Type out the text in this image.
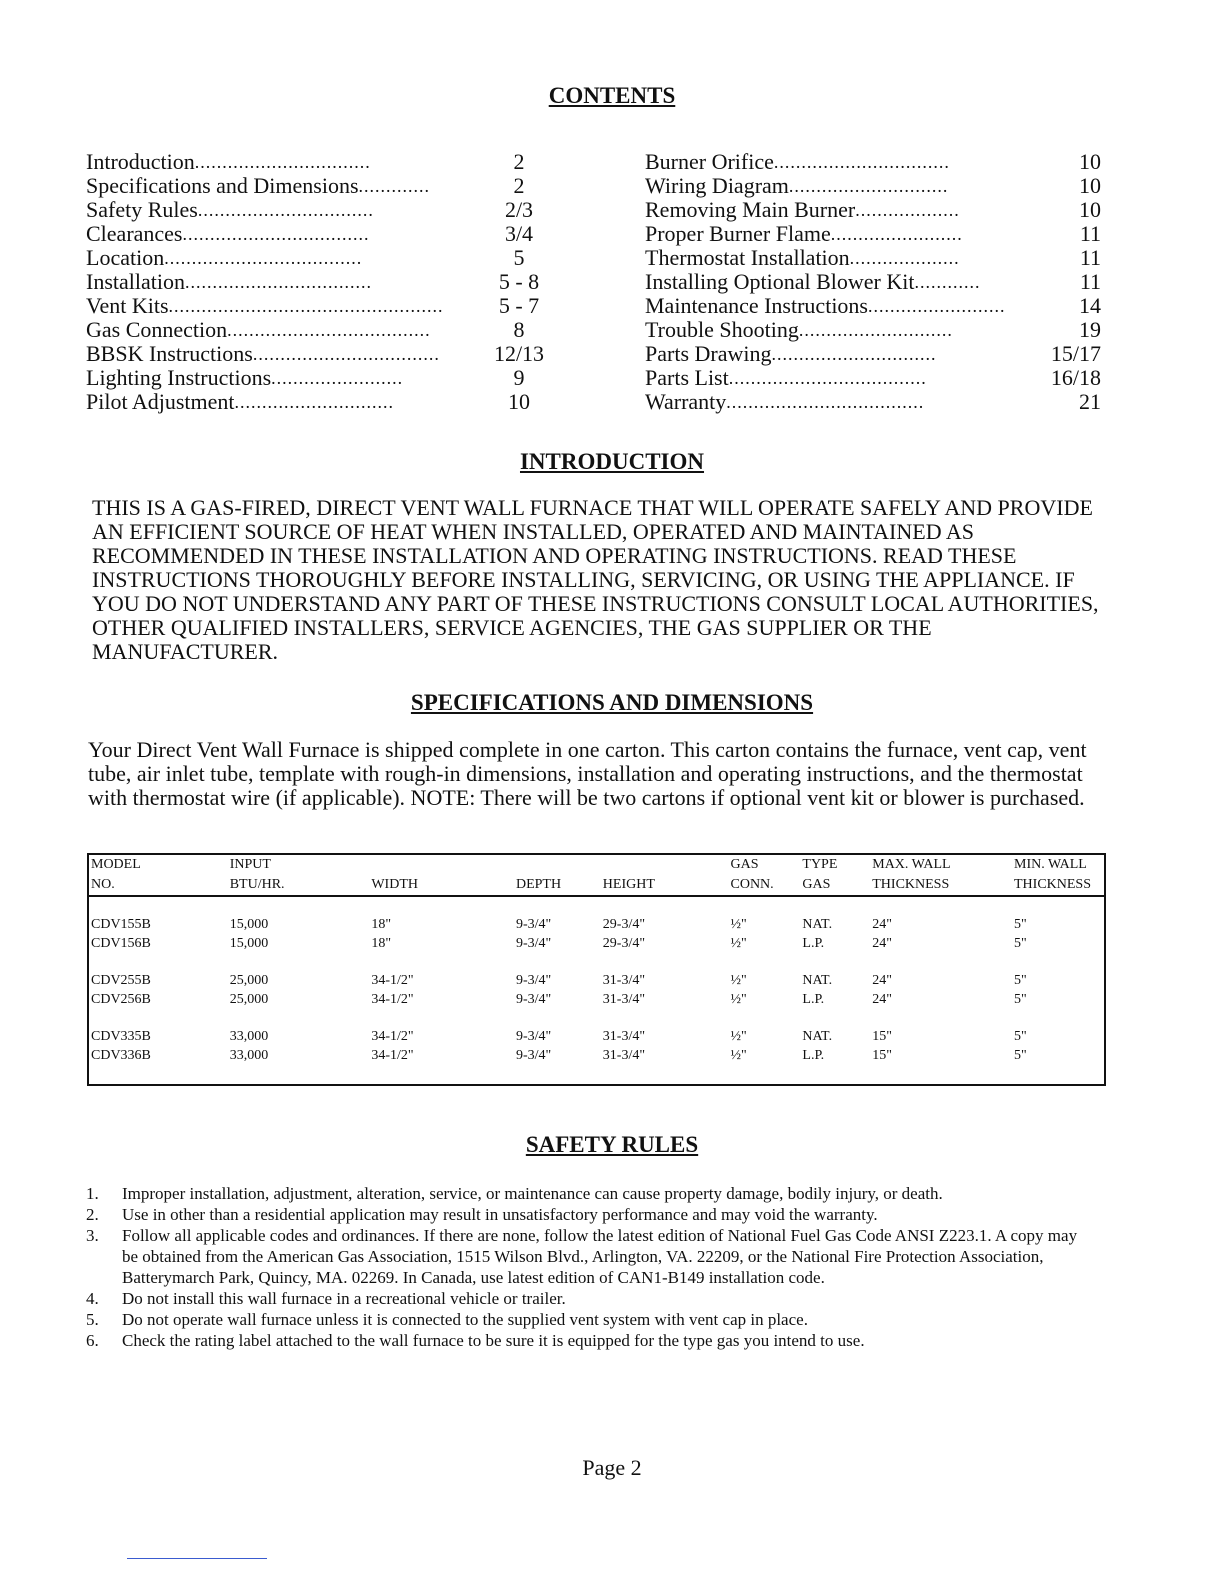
CONTENTS
Introduction ................................	2
Specifications and Dimensions .............	2
Safety Rules ................................	2/3
Clearances ..................................	3/4
Location ....................................	5
Installation ..................................	5 - 8
Vent Kits ..................................................	5 - 7
Gas Connection .....................................	8
BBSK Instructions ..................................	12/13
Lighting Instructions ........................	9
Pilot Adjustment .............................	10
Burner Orifice ................................	10
Wiring Diagram .............................	10
Removing Main Burner ...................	10
Proper Burner Flame ........................	11
Thermostat Installation ....................	11
Installing Optional Blower Kit ............	11
Maintenance Instructions .........................	14
Trouble Shooting ............................	19
Parts Drawing ..............................	15/17
Parts List ....................................	16/18
Warranty ....................................	21
INTRODUCTION
THIS IS A GAS-FIRED, DIRECT VENT WALL FURNACE THAT WILL OPERATE SAFELY AND PROVIDE AN EFFICIENT SOURCE OF HEAT WHEN INSTALLED, OPERATED AND MAINTAINED AS RECOMMENDED IN THESE INSTALLATION AND OPERATING INSTRUCTIONS. READ THESE INSTRUCTIONS THOROUGHLY BEFORE INSTALLING, SERVICING, OR USING THE APPLIANCE. IF YOU DO NOT UNDERSTAND ANY PART OF THESE INSTRUCTIONS CONSULT LOCAL AUTHORITIES, OTHER QUALIFIED INSTALLERS, SERVICE AGENCIES, THE GAS SUPPLIER OR THE MANUFACTURER.
SPECIFICATIONS AND DIMENSIONS
Your Direct Vent Wall Furnace is shipped complete in one carton. This carton contains the furnace, vent cap, vent tube, air inlet tube, template with rough-in dimensions, installation and operating instructions, and the thermostat with thermostat wire (if applicable). NOTE: There will be two cartons if optional vent kit or blower is purchased.
MODEL	INPUT				GAS	TYPE	MAX. WALL	MIN. WALL
NO.	BTU/HR.	WIDTH	DEPTH	HEIGHT	CONN.	GAS	THICKNESS	THICKNESS

CDV155B	15,000	18"	9-3/4"	29-3/4"	½"	NAT.	24"	5"
CDV156B	15,000	18"	9-3/4"	29-3/4"	½"	L.P.	24"	5"

CDV255B	25,000	34-1/2"	9-3/4"	31-3/4"	½"	NAT.	24"	5"
CDV256B	25,000	34-1/2"	9-3/4"	31-3/4"	½"	L.P.	24"	5"

CDV335B	33,000	34-1/2"	9-3/4"	31-3/4"	½"	NAT.	15"	5"
CDV336B	33,000	34-1/2"	9-3/4"	31-3/4"	½"	L.P.	15"	5"

SAFETY RULES
1.	Improper installation, adjustment, alteration, service, or maintenance can cause property damage, bodily injury, or death.
2.	Use in other than a residential application may result in unsatisfactory performance and may void the warranty.
3.	Follow all applicable codes and ordinances. If there are none, follow the latest edition of National Fuel Gas Code ANSI Z223.1. A copy may be obtained from the American Gas Association, 1515 Wilson Blvd., Arlington, VA. 22209, or the National Fire Protection Association, Batterymarch Park, Quincy, MA. 02269. In Canada, use latest edition of CAN1-B149 installation code.
4.	Do not install this wall furnace in a recreational vehicle or trailer.
5.	Do not operate wall furnace unless it is connected to the supplied vent system with vent cap in place.
6.	Check the rating label attached to the wall furnace to be sure it is equipped for the type gas you intend to use.
Page 2
